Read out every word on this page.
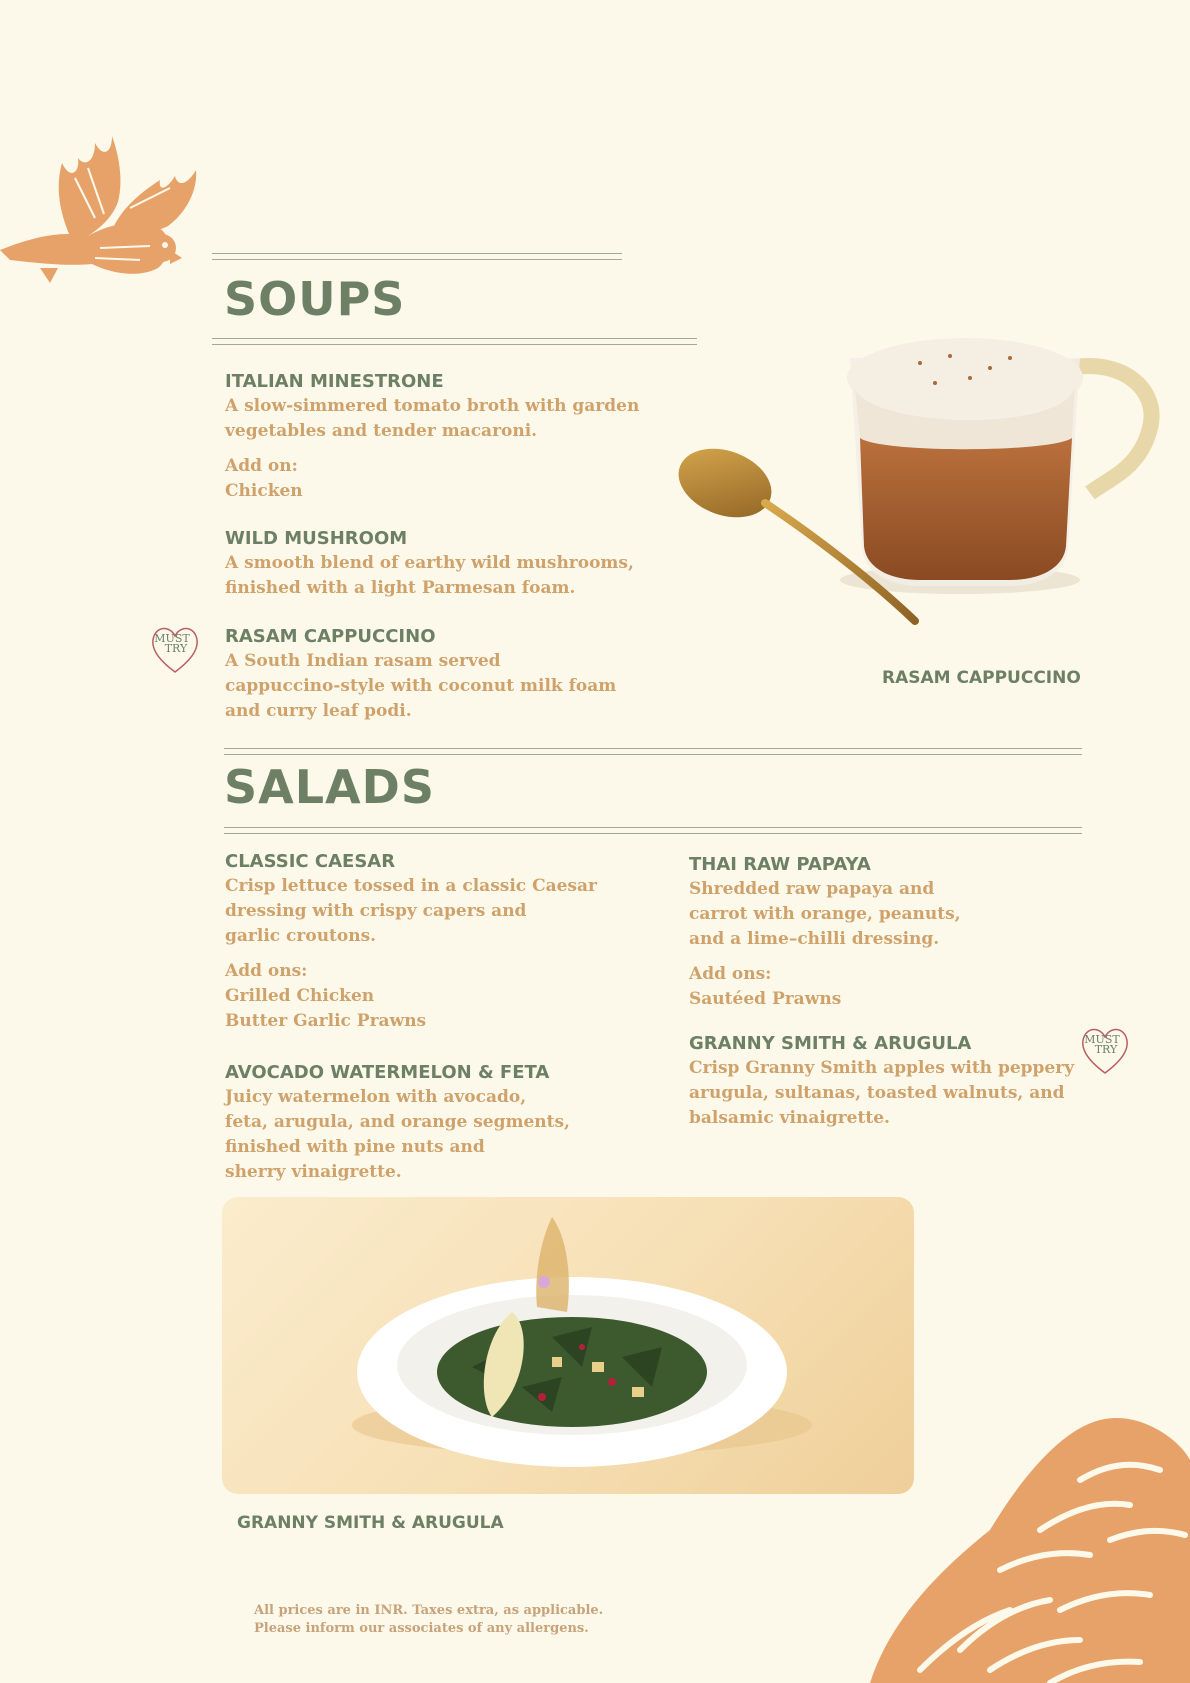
SOUPS
ITALIAN MINESTRONE
A slow-simmered tomato broth with garden
vegetables and tender macaroni.
Add on:
Chicken
WILD MUSHROOM
A smooth blend of earthy wild mushrooms,
finished with a light Parmesan foam.
MUST
TRY
RASAM CAPPUCCINO
A South Indian rasam served
cappuccino-style with coconut milk foam
and curry leaf podi.
RASAM CAPPUCCINO
SALADS
CLASSIC CAESAR
Crisp lettuce tossed in a classic Caesar
dressing with crispy capers and
garlic croutons.
Add ons:
Grilled Chicken
Butter Garlic Prawns
AVOCADO WATERMELON & FETA
Juicy watermelon with avocado,
feta, arugula, and orange segments,
finished with pine nuts and
sherry vinaigrette.
THAI RAW PAPAYA
Shredded raw papaya and
carrot with orange, peanuts,
and a lime–chilli dressing.
Add ons:
Sautéed Prawns
GRANNY SMITH & ARUGULA
Crisp Granny Smith apples with peppery
arugula, sultanas, toasted walnuts, and
balsamic vinaigrette.
MUST
TRY
GRANNY SMITH & ARUGULA
All prices are in INR. Taxes extra, as applicable.
Please inform our associates of any allergens.
